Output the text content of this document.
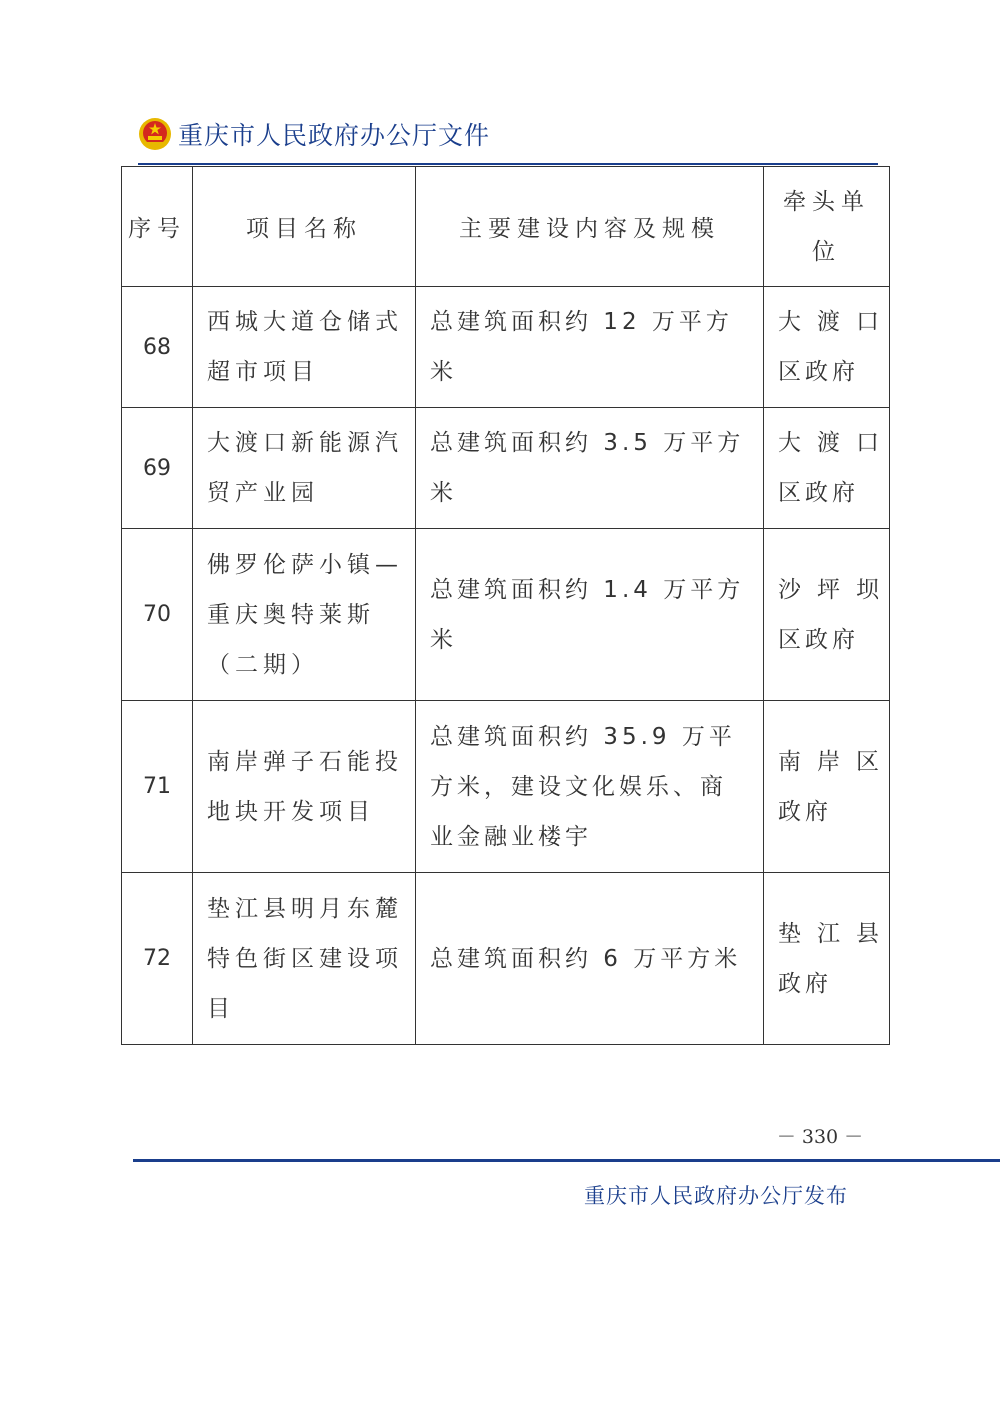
重庆市人民政府办公厅文件
序号	项目名称	主要建设内容及规模	牵头单
位

68	西城大道仓储式超市项目	总建筑面积约 12 万平方米	大 渡 口
区政府

69	大渡口新能源汽贸产业园	总建筑面积约 3.5 万平方米	大 渡 口
区政府

70	佛罗伦萨小镇—重庆奥特莱斯（二期）	总建筑面积约 1.4 万平方米	沙 坪 坝
区政府

71	南岸弹子石能投地块开发项目	总建筑面积约 35.9 万平方米，建设文化娱乐、商业金融业楼宇	南 岸 区
政府

72	垫江县明月东麓特色街区建设项目	总建筑面积约 6 万平方米	垫 江 县
政府
－ 330 －
重庆市人民政府办公厅发布
